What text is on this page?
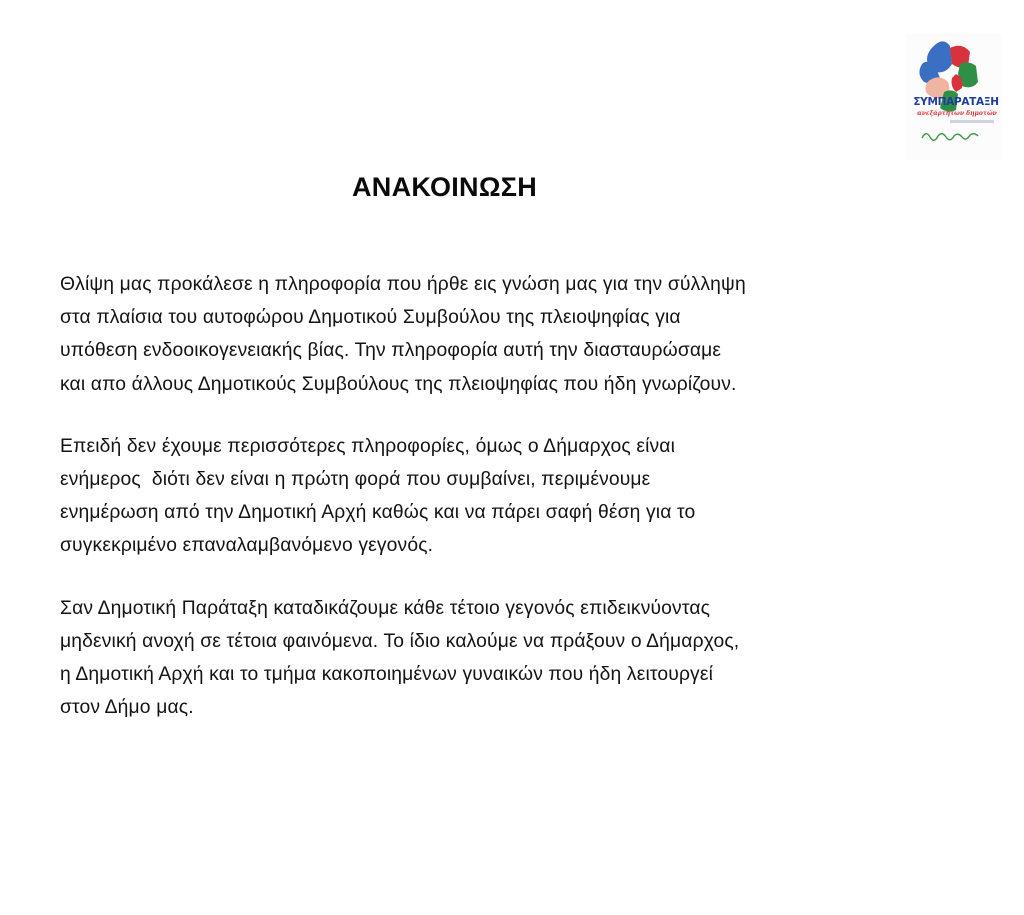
ΣΥΜΠΑΡΑΤΑΞΗ
ανεξάρτητων δημοτών
ΑΝΑΚΟΙΝΩΣΗ

Θλίψη μας προκάλεσε η πληροφορία που ήρθε εις γνώση μας για την σύλληψη
στα πλαίσια του αυτοφώρου Δημοτικού Συμβούλου της πλειοψηφίας για
υπόθεση ενδοοικογενειακής βίας. Την πληροφορία αυτή την διασταυρώσαμε
και απο άλλους Δημοτικούς Συμβούλους της πλειοψηφίας που ήδη γνωρίζουν.

Επειδή δεν έχουμε περισσότερες πληροφορίες, όμως ο Δήμαρχος είναι
ενήμερος  διότι δεν είναι η πρώτη φορά που συμβαίνει, περιμένουμε
ενημέρωση από την Δημοτική Αρχή καθώς και να πάρει σαφή θέση για το
συγκεκριμένο επαναλαμβανόμενο γεγονός.

Σαν Δημοτική Παράταξη καταδικάζουμε κάθε τέτοιο γεγονός επιδεικνύοντας
μηδενική ανοχή σε τέτοια φαινόμενα. Το ίδιο καλούμε να πράξουν ο Δήμαρχος,
η Δημοτική Αρχή και το τμήμα κακοποιημένων γυναικών που ήδη λειτουργεί
στον Δήμο μας.
